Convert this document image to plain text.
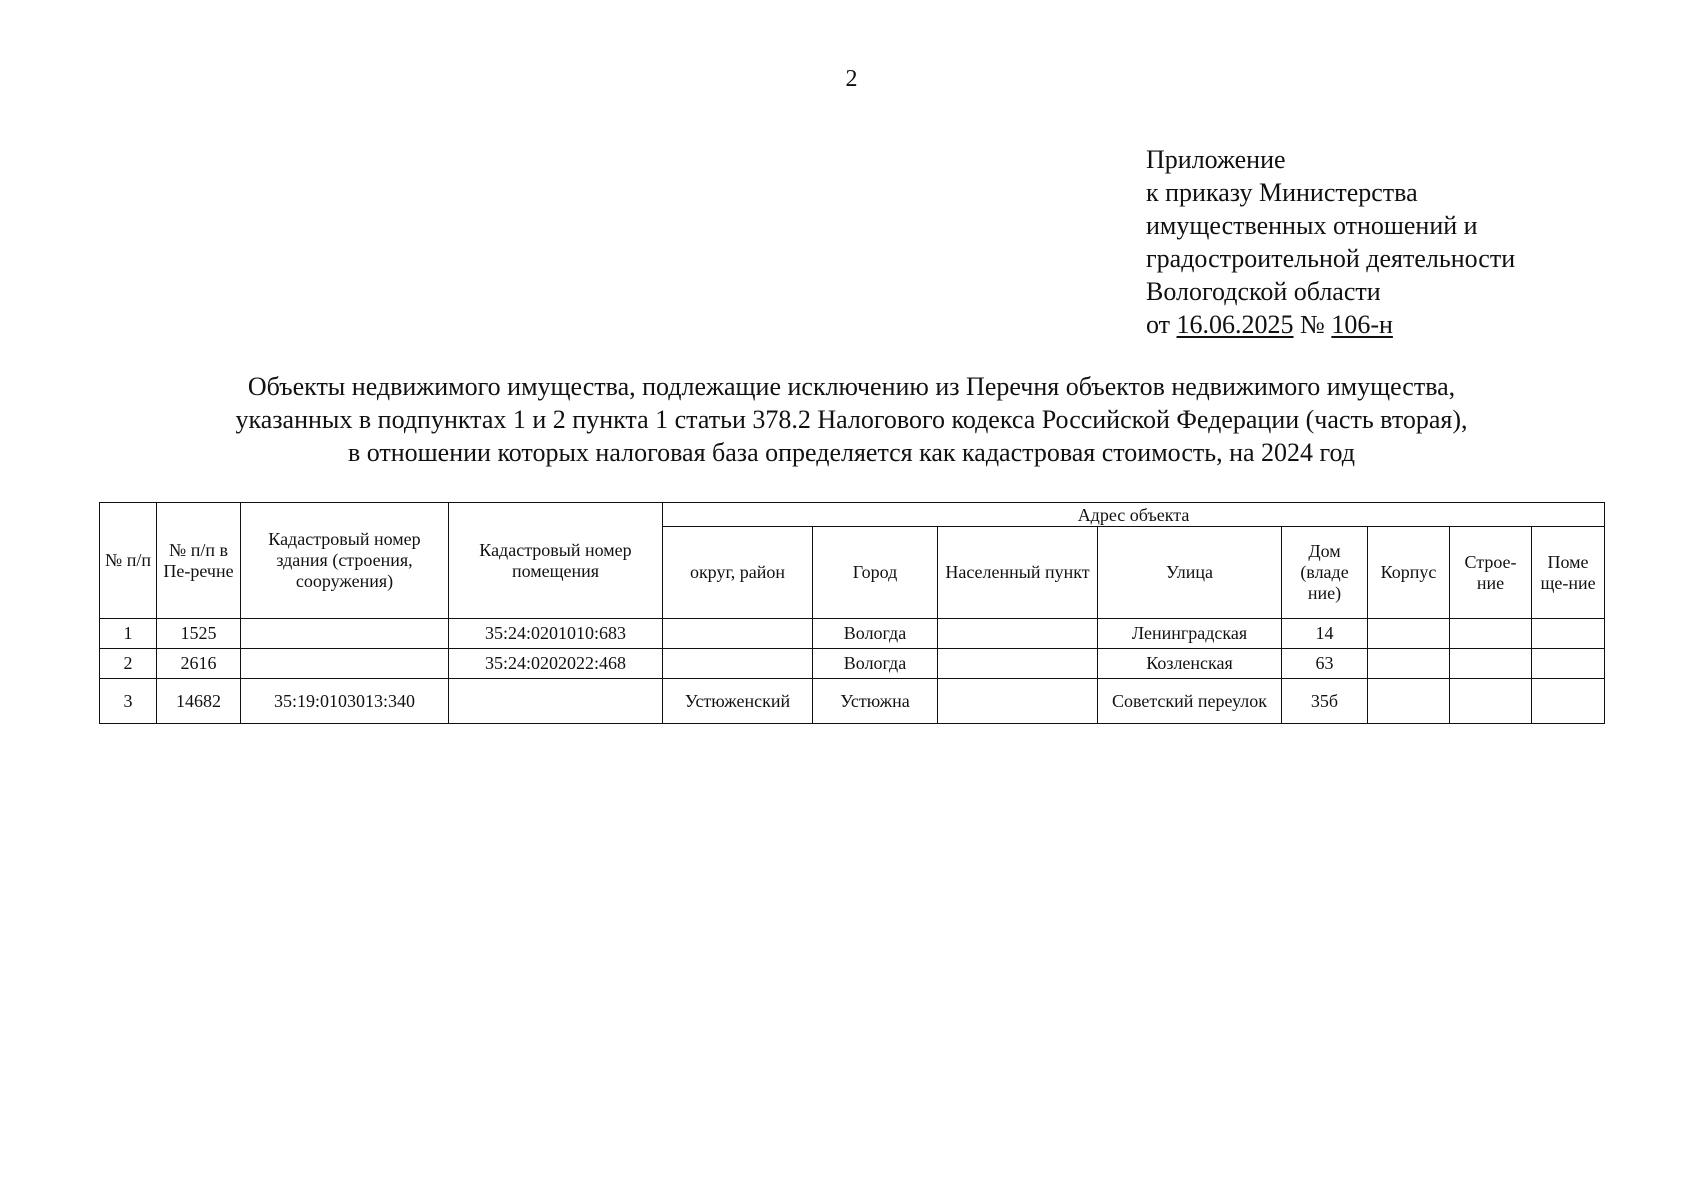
2
Приложение
к приказу Министерства
имущественных отношений и
градостроительной деятельности
Вологодской области
от 16.06.2025 № 106-н
Объекты недвижимого имущества, подлежащие исключению из Перечня объектов недвижимого имущества,
указанных в подпунктах 1 и 2 пункта 1 статьи 378.2 Налогового кодекса Российской Федерации (часть вторая),
в отношении которых налоговая база определяется как кадастровая стоимость, на 2024 год
№ п/п	№ п/п в Пе-речне	Кадастровый номер здания (строения, сооружения)	Кадастровый номер помещения	Адрес объекта							
				округ, район	Город	Населенный пункт	Улица	Дом (владе ние)	Корпус	Строе-ние	Поме ще-ние
1	1525		35:24:0201010:683		Вологда		Ленинградская	14			
2	2616		35:24:0202022:468		Вологда		Козленская	63			
3	14682	35:19:0103013:340		Устюженский	Устюжна		Советский переулок	35б			
